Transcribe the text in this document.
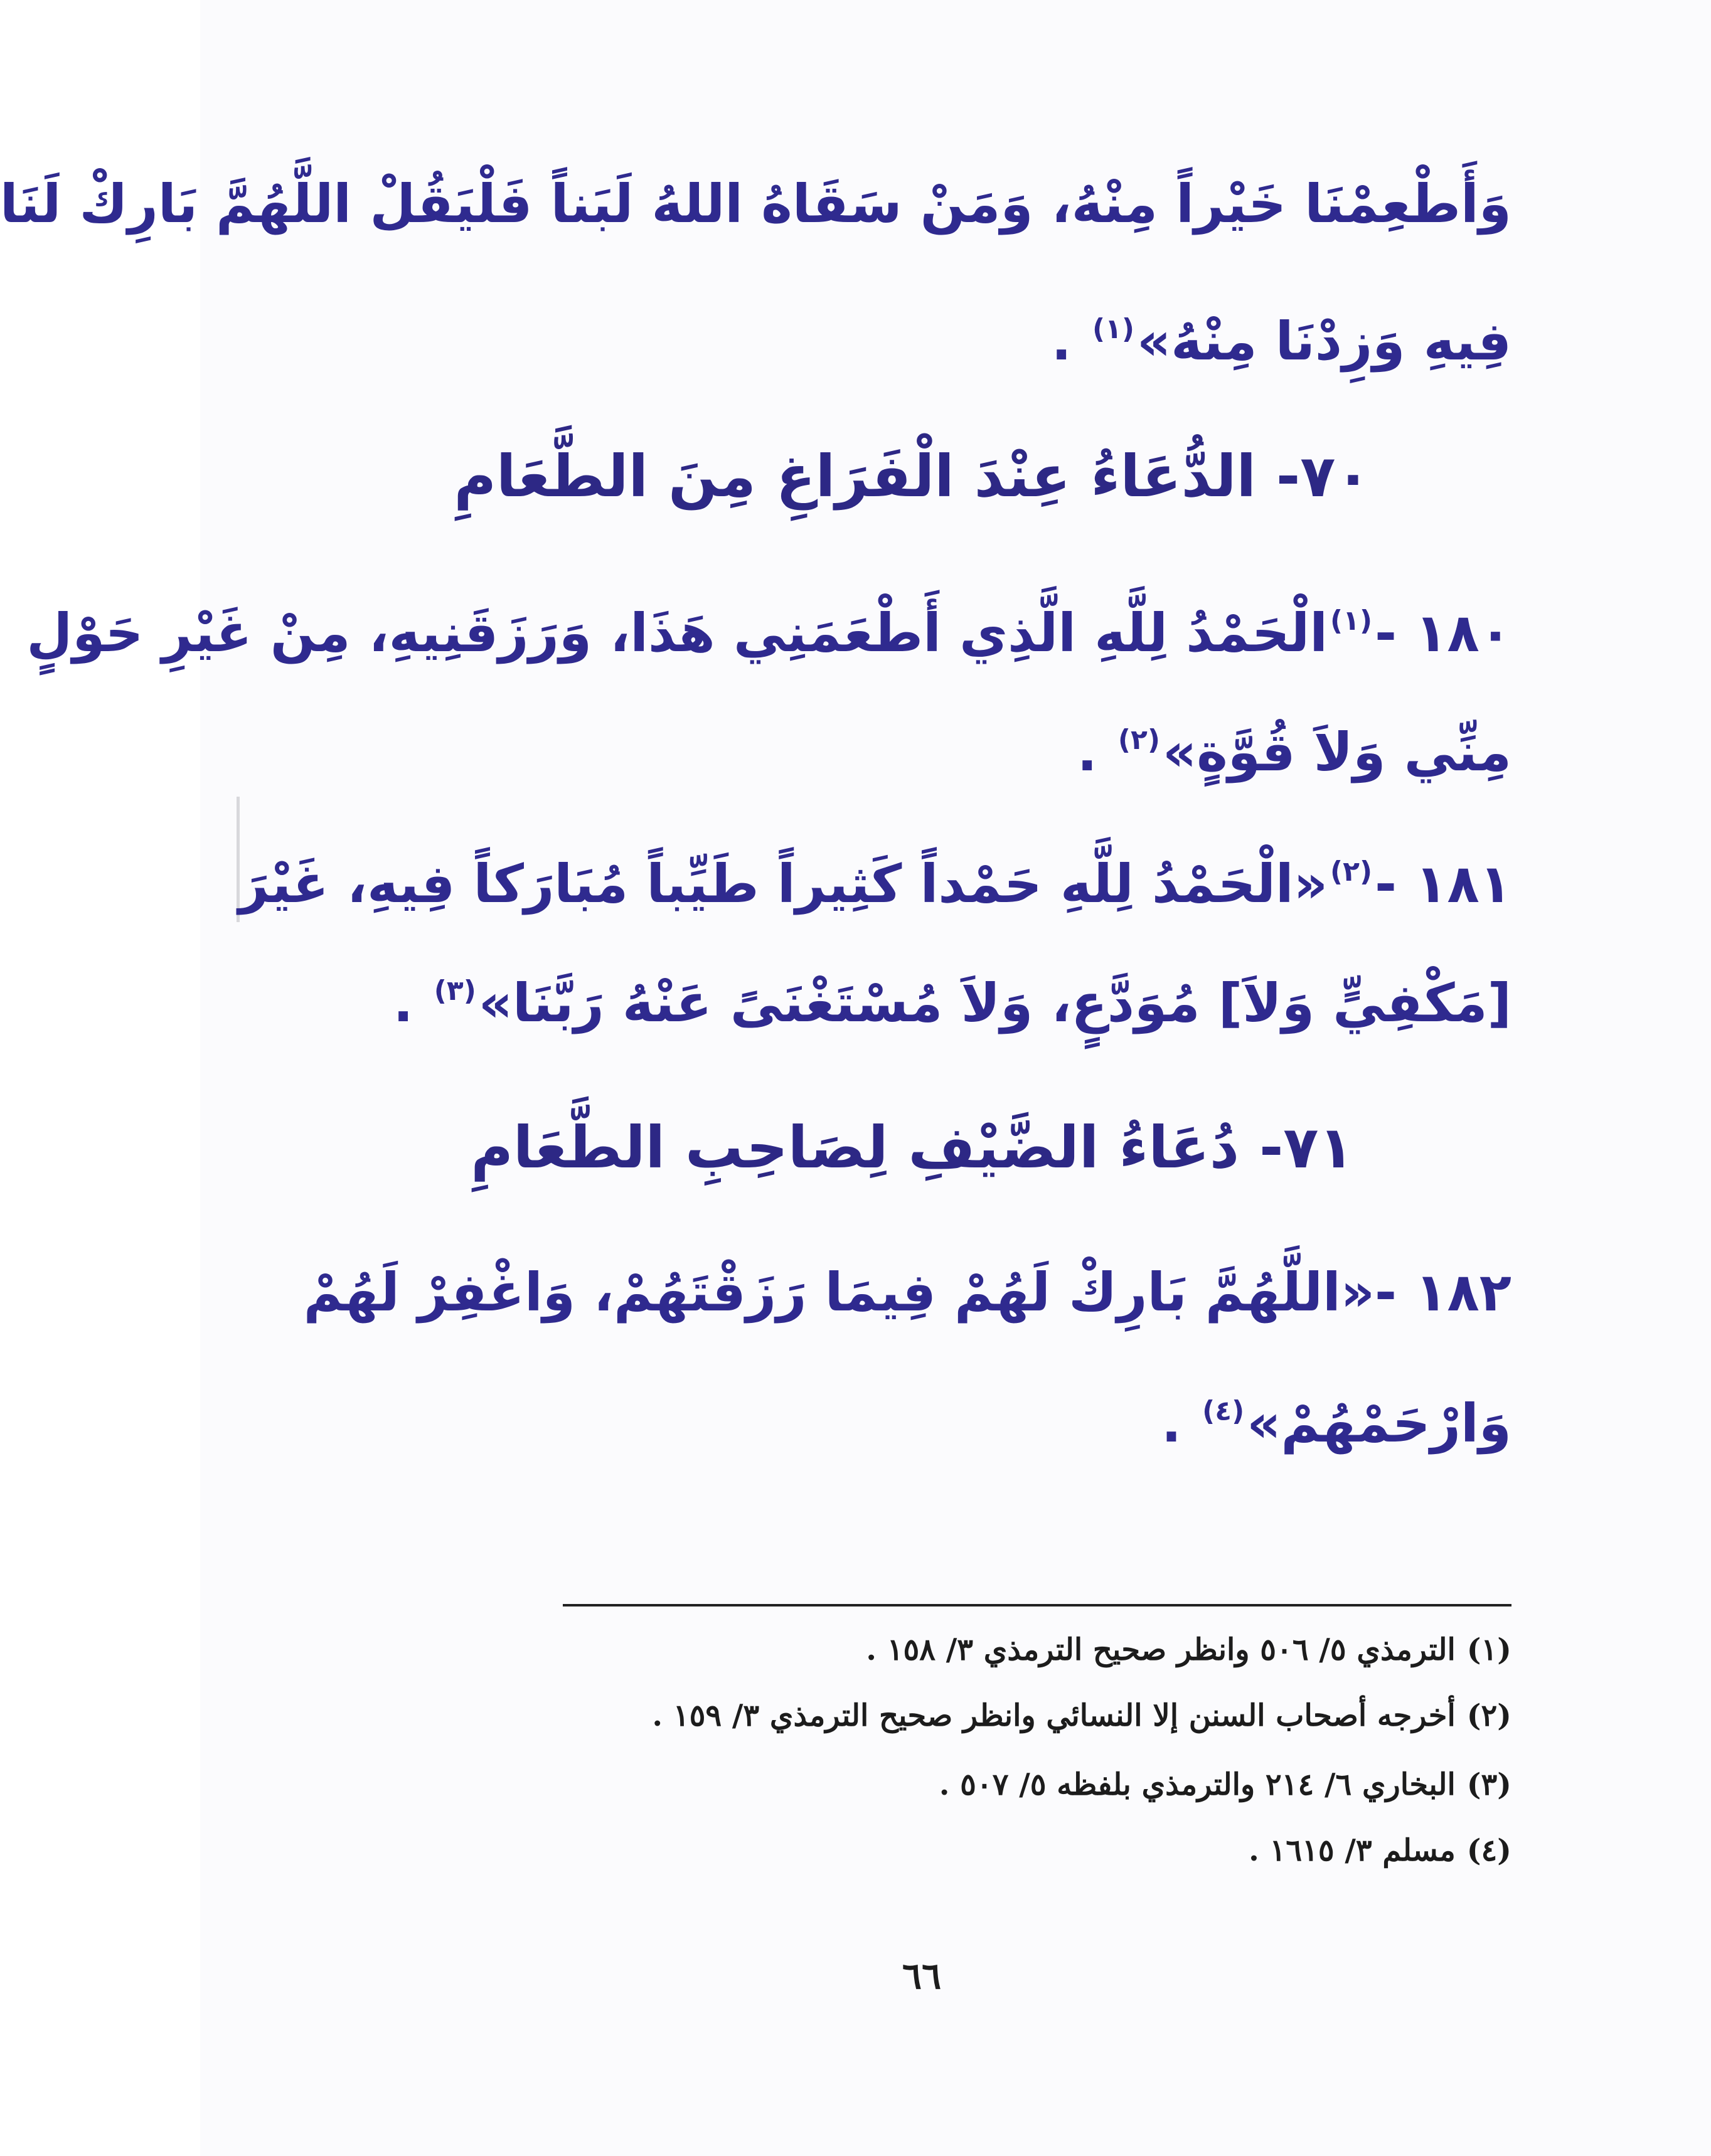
وَأَطْعِمْنَا خَيْراً مِنْهُ، وَمَنْ سَقَاهُ اللهُ لَبَناً فَلْيَقُلْ اللَّهُمَّ بَارِكْ لَنَا
فِيهِ وَزِدْنَا مِنْهُ»$^{(١)}$ .
٧٠- الدُّعَاءُ عِنْدَ الْفَرَاغِ مِنَ الطَّعَامِ
١٨٠ -$^{(١)}$الْحَمْدُ لِلَّهِ الَّذِي أَطْعَمَنِي هَذَا، وَرَزَقَنِيهِ، مِنْ غَيْرِ حَوْلٍ
مِنِّي وَلاَ قُوَّةٍ»$^{(٢)}$ .
١٨١ -$^{(٢)}$«الْحَمْدُ لِلَّهِ حَمْداً كَثِيراً طَيِّباً مُبَارَكاً فِيهِ، غَيْرَ
[مَكْفِيٍّ وَلاَ] مُوَدَّعٍ، وَلاَ مُسْتَغْنَىً عَنْهُ رَبَّنَا»$^{(٣)}$ .
٧١- دُعَاءُ الضَّيْفِ لِصَاحِبِ الطَّعَامِ
١٨٢ -«اللَّهُمَّ بَارِكْ لَهُمْ فِيمَا رَزَقْتَهُمْ، وَاغْفِرْ لَهُمْ
وَارْحَمْهُمْ»$^{(٤)}$ .
(١)الترمذي ٥/ ٥٠٦ وانظر صحيح الترمذي ٣/ ١٥٨ .
(٢)أخرجه أصحاب السنن إلا النسائي وانظر صحيح الترمذي ٣/ ١٥٩ .
(٣)البخاري ٦/ ٢١٤ والترمذي بلفظه ٥/ ٥٠٧ .
(٤)مسلم ٣/ ١٦١٥ .
٦٦
